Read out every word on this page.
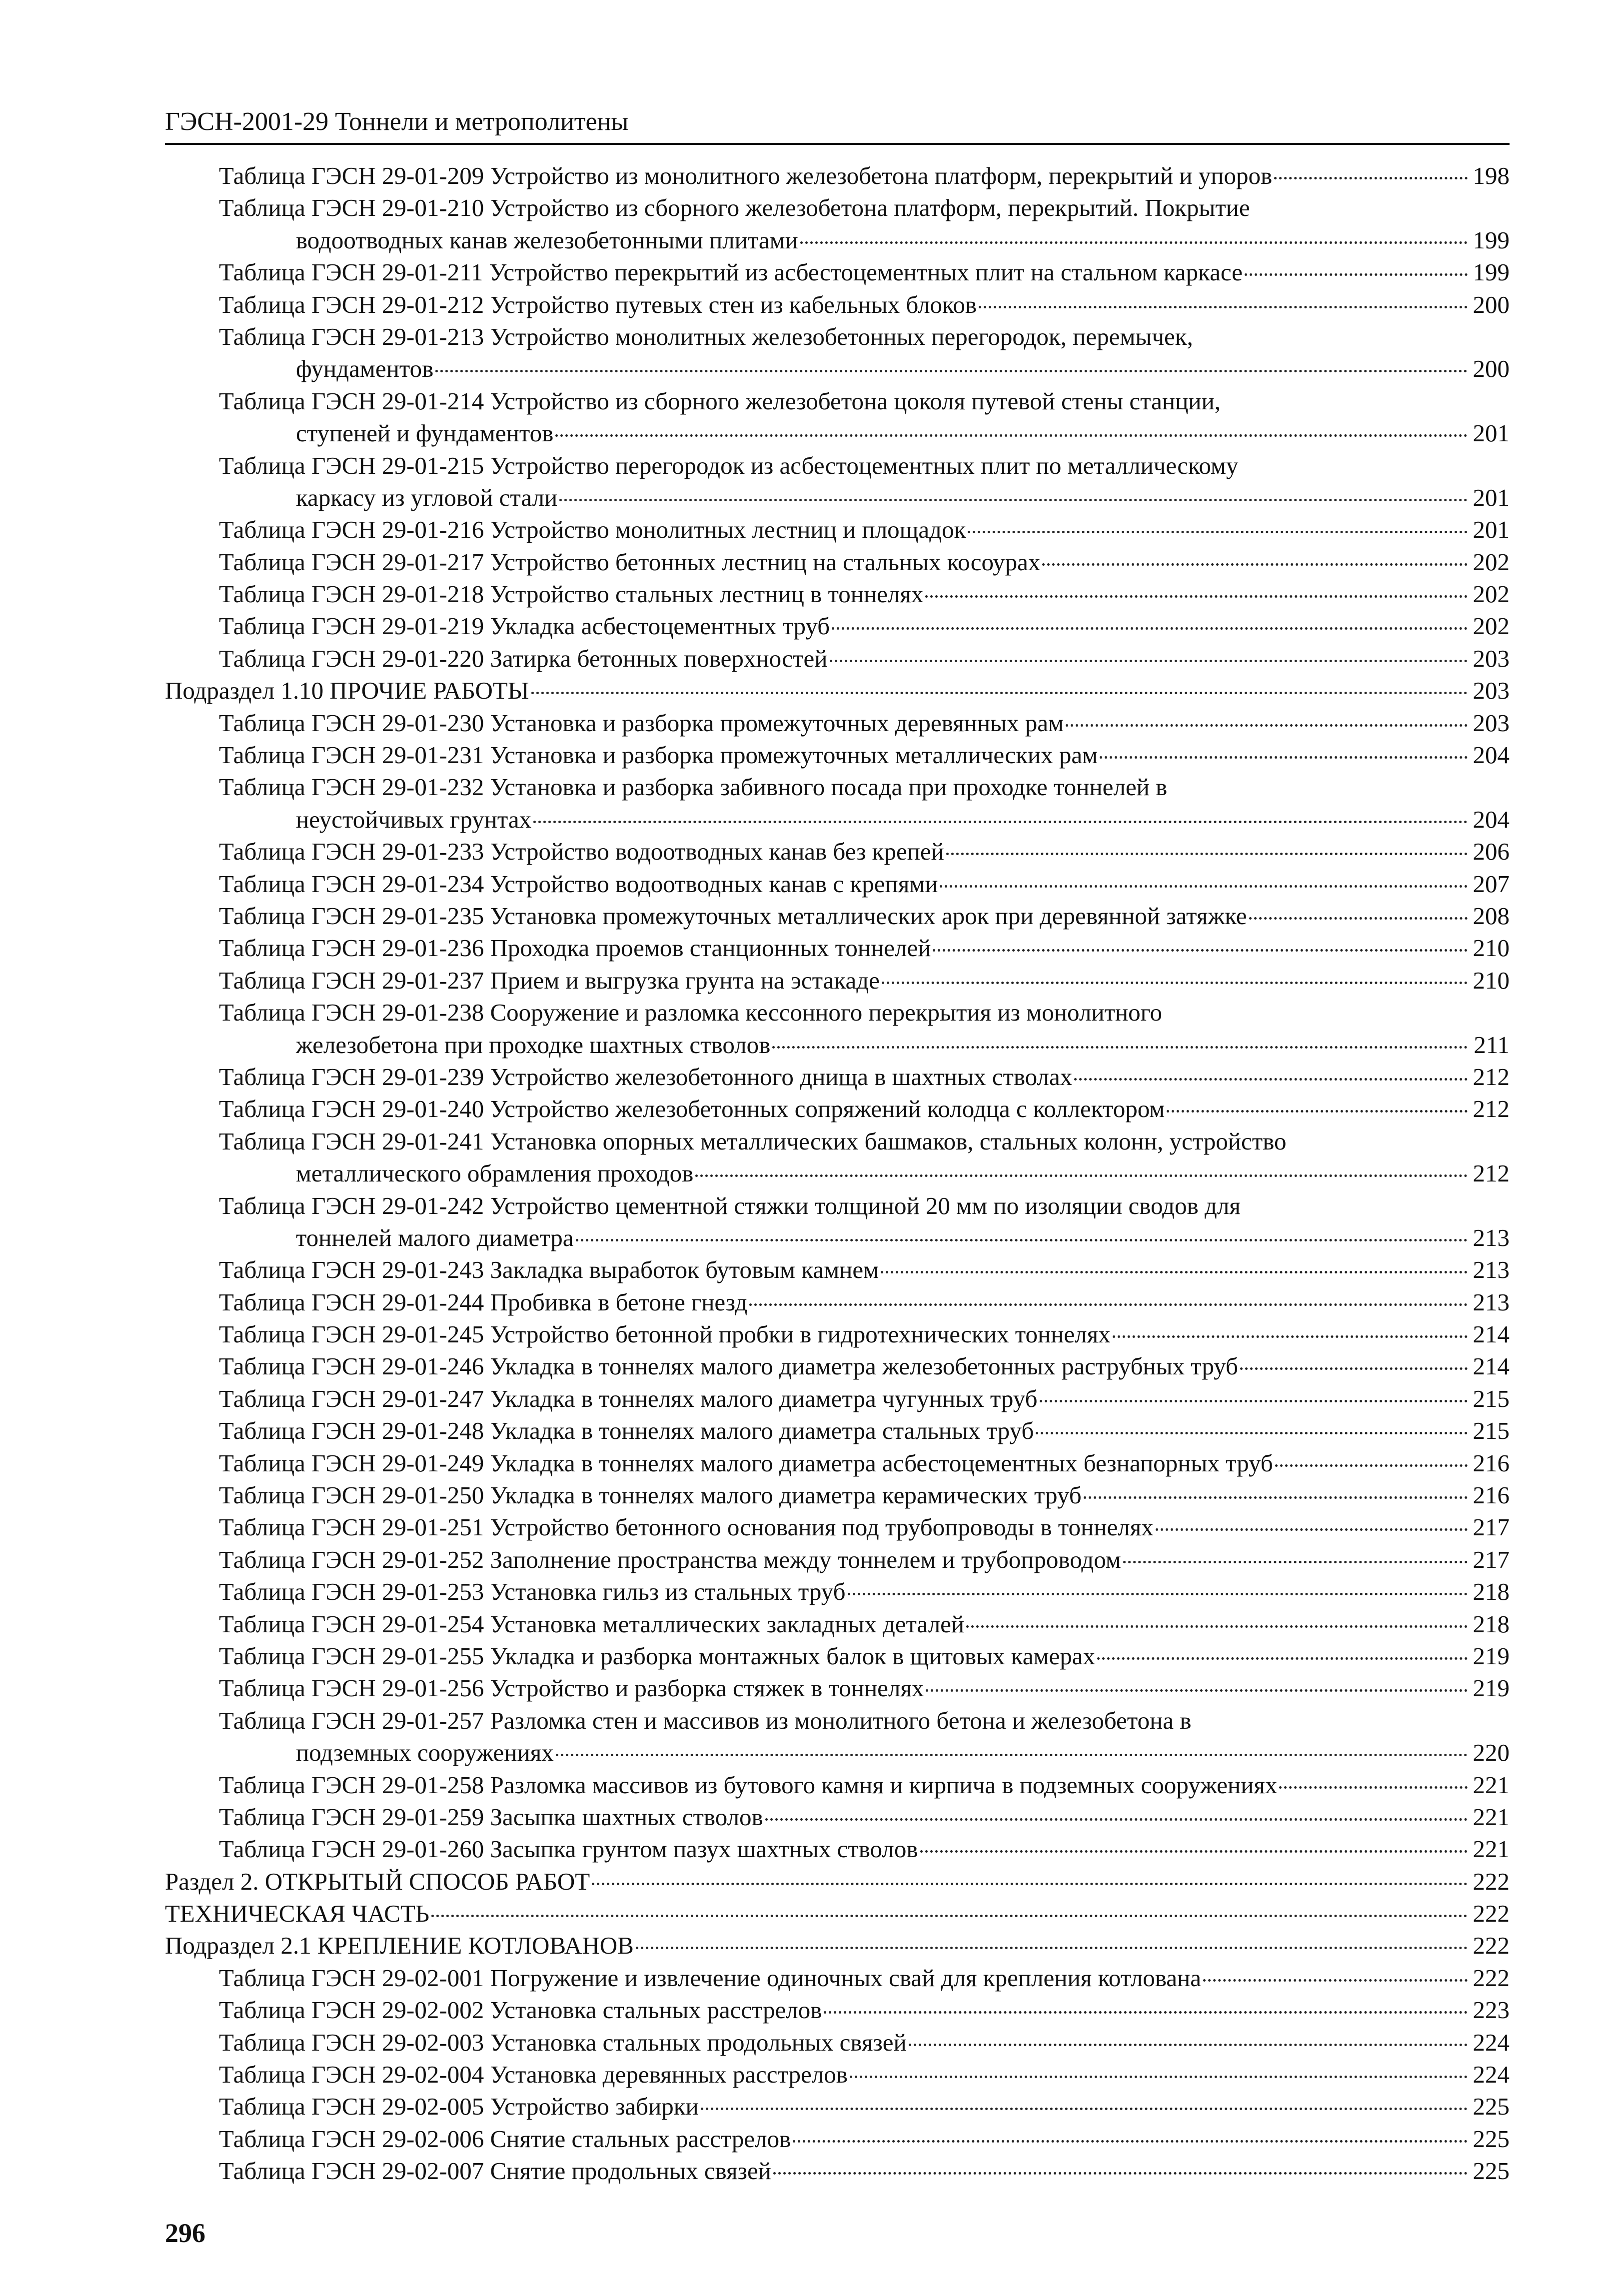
ГЭСН-2001-29 Тоннели и метрополитены
Таблица ГЭСН 29-01-209 Устройство из монолитного железобетона платформ, перекрытий и упоров	198
Таблица ГЭСН 29-01-210 Устройство из сборного железобетона платформ, перекрытий. Покрытие
водоотводных канав железобетонными плитами	199
Таблица ГЭСН 29-01-211 Устройство перекрытий из асбестоцементных плит на стальном каркасе	199
Таблица ГЭСН 29-01-212 Устройство путевых стен из кабельных блоков	200
Таблица ГЭСН 29-01-213 Устройство монолитных железобетонных перегородок, перемычек,
фундаментов	200
Таблица ГЭСН 29-01-214 Устройство из сборного железобетона цоколя путевой стены станции,
ступеней и фундаментов	201
Таблица ГЭСН 29-01-215 Устройство перегородок из асбестоцементных плит по металлическому
каркасу из угловой стали	201
Таблица ГЭСН 29-01-216 Устройство монолитных лестниц и площадок	201
Таблица ГЭСН 29-01-217 Устройство бетонных лестниц на стальных косоурах	202
Таблица ГЭСН 29-01-218 Устройство стальных лестниц в тоннелях	202
Таблица ГЭСН 29-01-219 Укладка асбестоцементных труб	202
Таблица ГЭСН 29-01-220 Затирка бетонных поверхностей	203
Подраздел 1.10 ПРОЧИЕ РАБОТЫ	203
Таблица ГЭСН 29-01-230 Установка и разборка промежуточных деревянных рам	203
Таблица ГЭСН 29-01-231 Установка и разборка промежуточных металлических рам	204
Таблица ГЭСН 29-01-232 Установка и разборка забивного посада при проходке тоннелей в
неустойчивых грунтах	204
Таблица ГЭСН 29-01-233 Устройство водоотводных канав без крепей	206
Таблица ГЭСН 29-01-234 Устройство водоотводных канав с крепями	207
Таблица ГЭСН 29-01-235 Установка промежуточных металлических арок при деревянной затяжке	208
Таблица ГЭСН 29-01-236 Проходка проемов станционных тоннелей	210
Таблица ГЭСН 29-01-237 Прием и выгрузка грунта на эстакаде	210
Таблица ГЭСН 29-01-238 Сооружение и разломка кессонного перекрытия из монолитного
железобетона при проходке шахтных стволов	211
Таблица ГЭСН 29-01-239 Устройство железобетонного днища в шахтных стволах	212
Таблица ГЭСН 29-01-240 Устройство железобетонных сопряжений колодца с коллектором	212
Таблица ГЭСН 29-01-241 Установка опорных металлических башмаков, стальных колонн, устройство
металлического обрамления проходов	212
Таблица ГЭСН 29-01-242 Устройство цементной стяжки толщиной 20 мм по изоляции сводов для
тоннелей малого диаметра	213
Таблица ГЭСН 29-01-243 Закладка выработок бутовым камнем	213
Таблица ГЭСН 29-01-244 Пробивка в бетоне гнезд	213
Таблица ГЭСН 29-01-245 Устройство бетонной пробки в гидротехнических тоннелях	214
Таблица ГЭСН 29-01-246 Укладка в тоннелях малого диаметра железобетонных раструбных труб	214
Таблица ГЭСН 29-01-247 Укладка в тоннелях малого диаметра чугунных труб	215
Таблица ГЭСН 29-01-248 Укладка в тоннелях малого диаметра стальных труб	215
Таблица ГЭСН 29-01-249 Укладка в тоннелях малого диаметра асбестоцементных безнапорных труб	216
Таблица ГЭСН 29-01-250 Укладка в тоннелях малого диаметра керамических труб	216
Таблица ГЭСН 29-01-251 Устройство бетонного основания под трубопроводы в тоннелях	217
Таблица ГЭСН 29-01-252 Заполнение пространства между тоннелем и трубопроводом	217
Таблица ГЭСН 29-01-253 Установка гильз из стальных труб	218
Таблица ГЭСН 29-01-254 Установка металлических закладных деталей	218
Таблица ГЭСН 29-01-255 Укладка и разборка монтажных балок в щитовых камерах	219
Таблица ГЭСН 29-01-256 Устройство и разборка стяжек в тоннелях	219
Таблица ГЭСН 29-01-257 Разломка стен и массивов из монолитного бетона и железобетона в
подземных сооружениях	220
Таблица ГЭСН 29-01-258 Разломка массивов из бутового камня и кирпича в подземных сооружениях	221
Таблица ГЭСН 29-01-259 Засыпка шахтных стволов	221
Таблица ГЭСН 29-01-260 Засыпка грунтом пазух шахтных стволов	221
Раздел 2. ОТКРЫТЫЙ СПОСОБ РАБОТ	222
ТЕХНИЧЕСКАЯ ЧАСТЬ	222
Подраздел 2.1 КРЕПЛЕНИЕ КОТЛОВАНОВ	222
Таблица ГЭСН 29-02-001 Погружение и извлечение одиночных свай для крепления котлована	222
Таблица ГЭСН 29-02-002 Установка стальных расстрелов	223
Таблица ГЭСН 29-02-003 Установка стальных продольных связей	224
Таблица ГЭСН 29-02-004 Установка деревянных расстрелов	224
Таблица ГЭСН 29-02-005 Устройство забирки	225
Таблица ГЭСН 29-02-006 Снятие стальных расстрелов	225
Таблица ГЭСН 29-02-007 Снятие продольных связей	225
296
